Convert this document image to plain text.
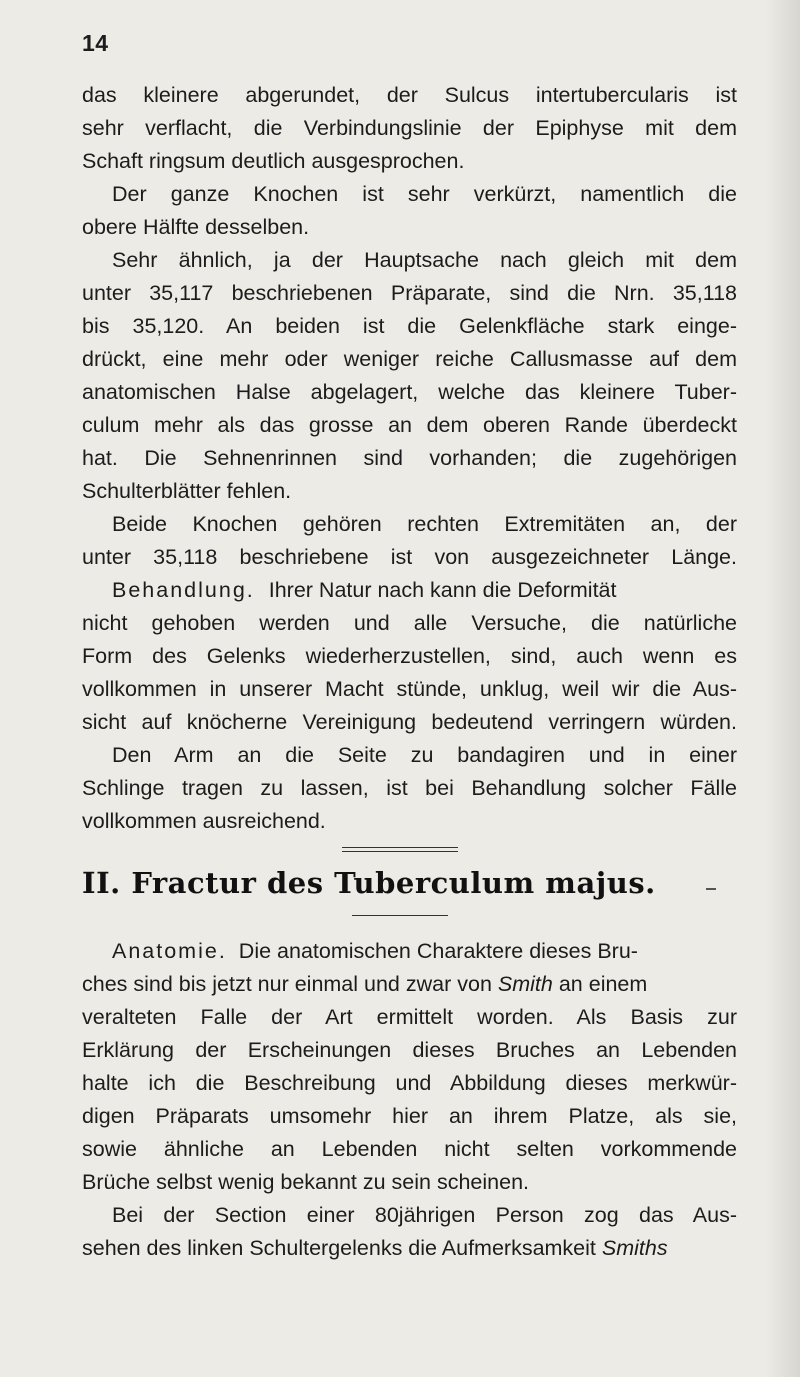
14
das kleinere abgerundet, der Sulcus intertubercularis ist
sehr verflacht, die Verbindungslinie der Epiphyse mit dem
Schaft ringsum deutlich ausgesprochen.
Der ganze Knochen ist sehr verkürzt, namentlich die
obere Hälfte desselben.
Sehr ähnlich, ja der Hauptsache nach gleich mit dem
unter 35,117 beschriebenen Präparate, sind die Nrn. 35,118
bis 35,120. An beiden ist die Gelenkfläche stark einge-
drückt, eine mehr oder weniger reiche Callusmasse auf dem
anatomischen Halse abgelagert, welche das kleinere Tuber-
culum mehr als das grosse an dem oberen Rande überdeckt
hat. Die Sehnenrinnen sind vorhanden; die zugehörigen
Schulterblätter fehlen.
Beide Knochen gehören rechten Extremitäten an, der
unter 35,118 beschriebene ist von ausgezeichneter Länge.
Behandlung. Ihrer Natur nach kann die Deformität
nicht gehoben werden und alle Versuche, die natürliche
Form des Gelenks wiederherzustellen, sind, auch wenn es
vollkommen in unserer Macht stünde, unklug, weil wir die Aus-
sicht auf knöcherne Vereinigung bedeutend verringern würden.
Den Arm an die Seite zu bandagiren und in einer
Schlinge tragen zu lassen, ist bei Behandlung solcher Fälle
vollkommen ausreichend.
II. Fractur des Tuberculum majus.
Anatomie. Die anatomischen Charaktere dieses Bru-
ches sind bis jetzt nur einmal und zwar von Smith an einem
veralteten Falle der Art ermittelt worden. Als Basis zur
Erklärung der Erscheinungen dieses Bruches an Lebenden
halte ich die Beschreibung und Abbildung dieses merkwür-
digen Präparats umsomehr hier an ihrem Platze, als sie,
sowie ähnliche an Lebenden nicht selten vorkommende
Brüche selbst wenig bekannt zu sein scheinen.
Bei der Section einer 80jährigen Person zog das Aus-
sehen des linken Schultergelenks die Aufmerksamkeit Smiths
